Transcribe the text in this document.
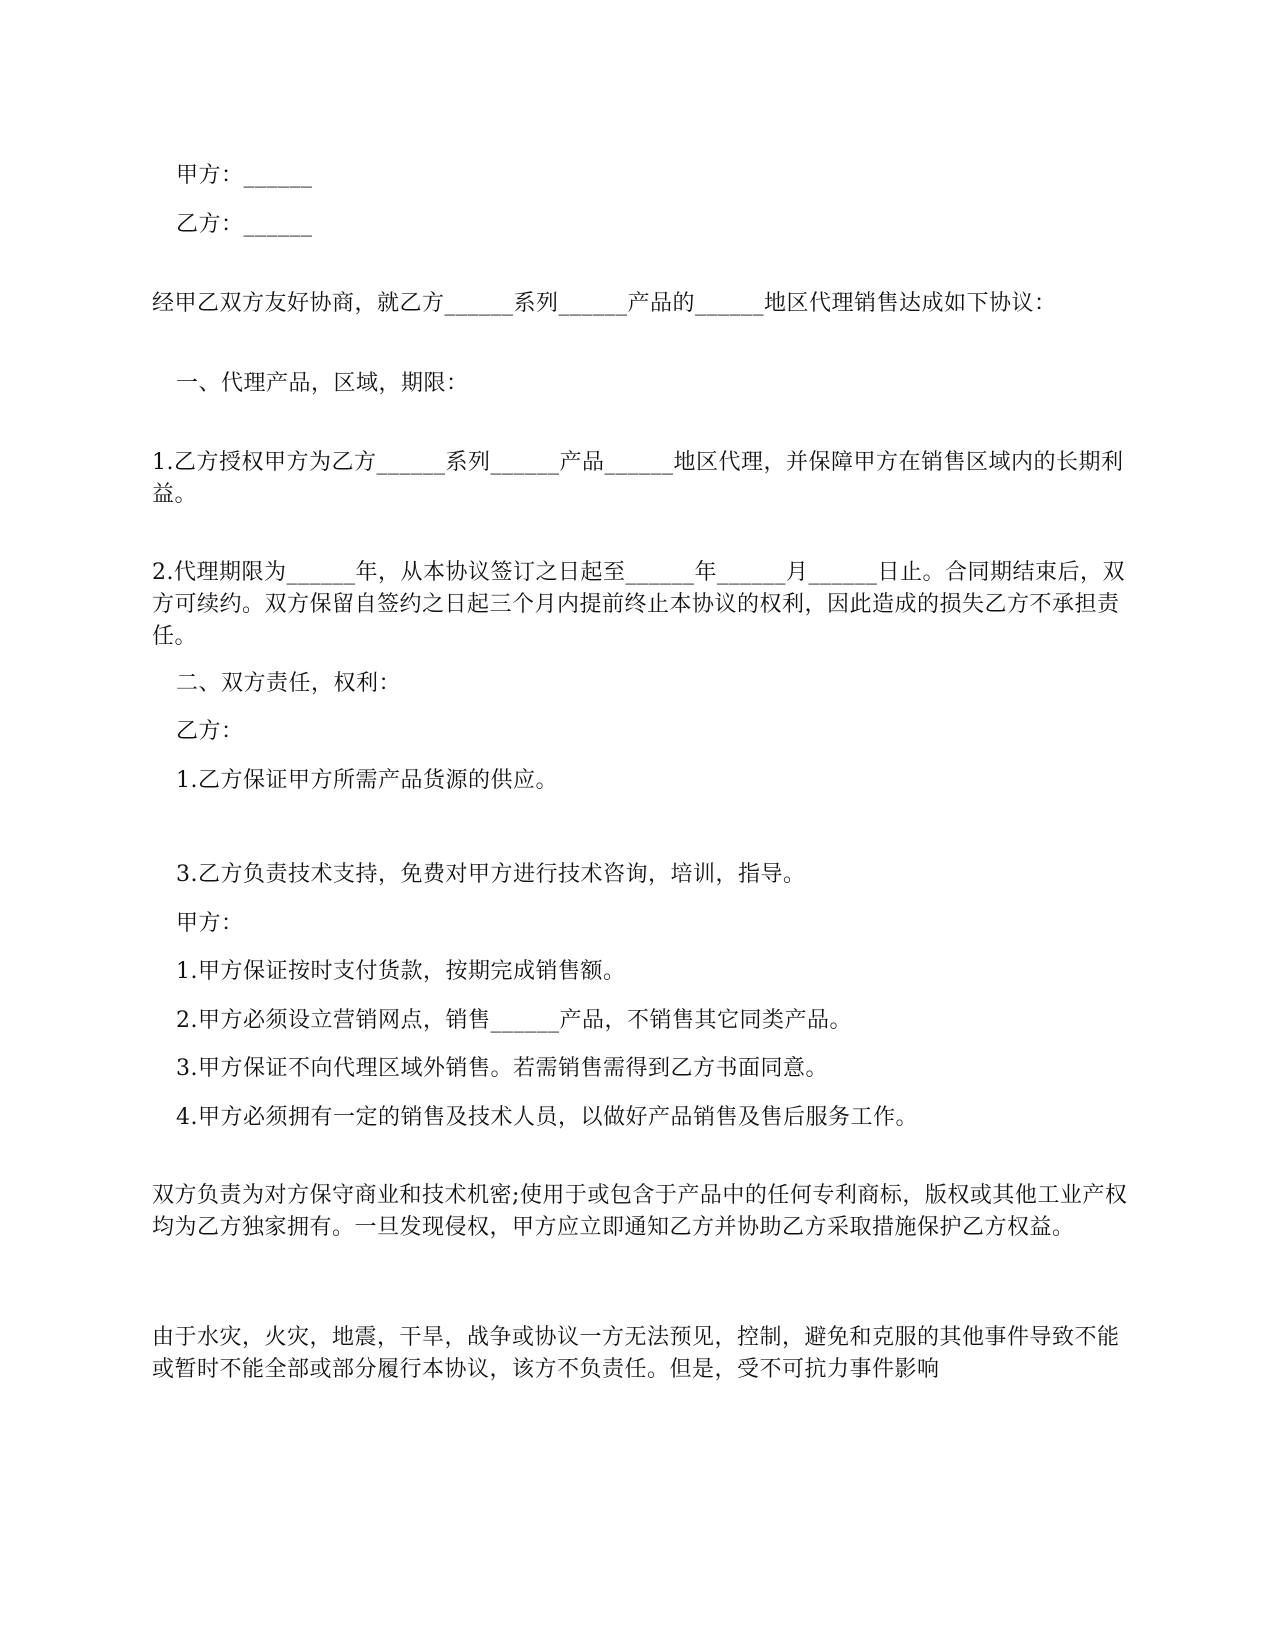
甲方：______
乙方：______
经甲乙双方友好协商，就乙方______系列______产品的______地区代理销售达成如下协议：
一、代理产品，区域，期限：
1.乙方授权甲方为乙方______系列______产品______地区代理，并保障甲方在销售区域内的长期利益。
2.代理期限为______年，从本协议签订之日起至______年______月______日止。合同期结束后，双方可续约。双方保留自签约之日起三个月内提前终止本协议的权利，因此造成的损失乙方不承担责任。
二、双方责任，权利：
乙方：
1.乙方保证甲方所需产品货源的供应。
3.乙方负责技术支持，免费对甲方进行技术咨询，培训，指导。
甲方：
1.甲方保证按时支付货款，按期完成销售额。
2.甲方必须设立营销网点，销售______产品，不销售其它同类产品。
3.甲方保证不向代理区域外销售。若需销售需得到乙方书面同意。
4.甲方必须拥有一定的销售及技术人员，以做好产品销售及售后服务工作。
双方负责为对方保守商业和技术机密;使用于或包含于产品中的任何专利商标，版权或其他工业产权均为乙方独家拥有。一旦发现侵权，甲方应立即通知乙方并协助乙方采取措施保护乙方权益。
由于水灾，火灾，地震，干旱，战争或协议一方无法预见，控制，避免和克服的其他事件导致不能或暂时不能全部或部分履行本协议，该方不负责任。但是，受不可抗力事件影响
